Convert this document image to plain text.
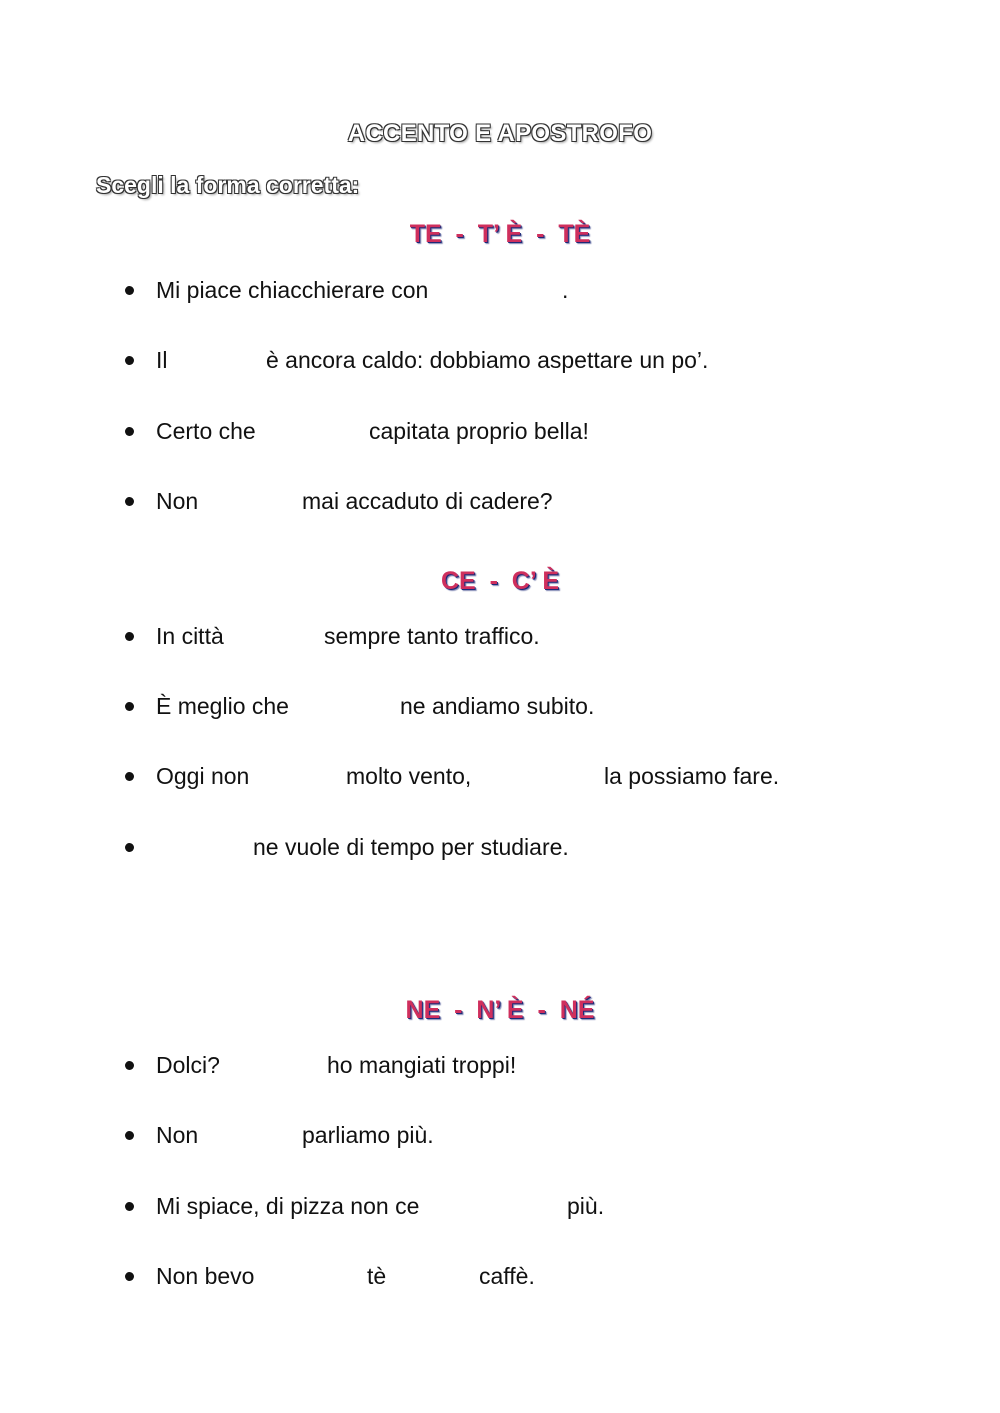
ACCENTO E APOSTROFO
Scegli la forma corretta:
TE  -  T’ È  -  TÈ
Mi piace chiacchierare con	.
Il	è ancora caldo: dobbiamo aspettare un po’.
Certo che	capitata proprio bella!
Non	mai accaduto di cadere?
CE  -  C’ È
In città	sempre tanto traffico.
È meglio che	ne andiamo subito.
Oggi non	molto vento,	la possiamo fare.
ne vuole di tempo per studiare.
NE  -  N’ È  -  NÉ
Dolci?	ho mangiati troppi!
Non	parliamo più.
Mi spiace, di pizza non ce	più.
Non bevo	tè	caffè.
